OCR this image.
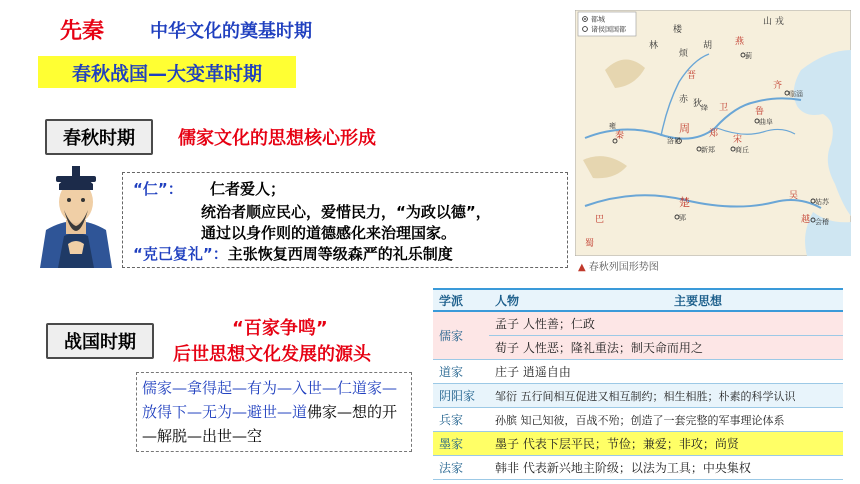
先秦	中华文化的奠基时期
春秋战国—大变革时期
春秋时期	儒家文化的思想核心形成
“仁”： 仁者爱人；
统治者顺应民心，爱惜民力，“为政以德”，
通过以身作则的道德感化来治理国家。
“克己复礼”：主张恢复西周等级森严的礼乐制度
战国时期
“百家争鸣”
后世思想文化发展的源头
儒家—拿得起—有为—入世—仁道家—放得下—无为—避世—道佛家—想的开—解脱—出世—空
都城
诸侯国国都
山 戎
楼
林	胡
烦
燕
蓟
晋
秦
周
洛邑
卫
郑
宋
商丘
齐
临淄
鲁
曲阜
新郑
楚
郢
吴
越 会稽
姑苏
赤 狄
雍
巴
蜀
绛
▲ 春秋列国形势图
学派	人物	主要思想
儒家	孟子 人性善；仁政	
	荀子 人性恶；隆礼重法；制天命而用之	
道家	庄子 逍遥自由	
阴阳家	邹衍 五行间相互促进又相互制约；相生相胜；朴素的科学认识	
兵家	孙膑 知己知彼，百战不殆；创造了一套完整的军事理论体系	
墨家	墨子 代表下层平民；节俭；兼爱；非攻；尚贤	
法家	韩非 代表新兴地主阶级；以法为工具；中央集权	
